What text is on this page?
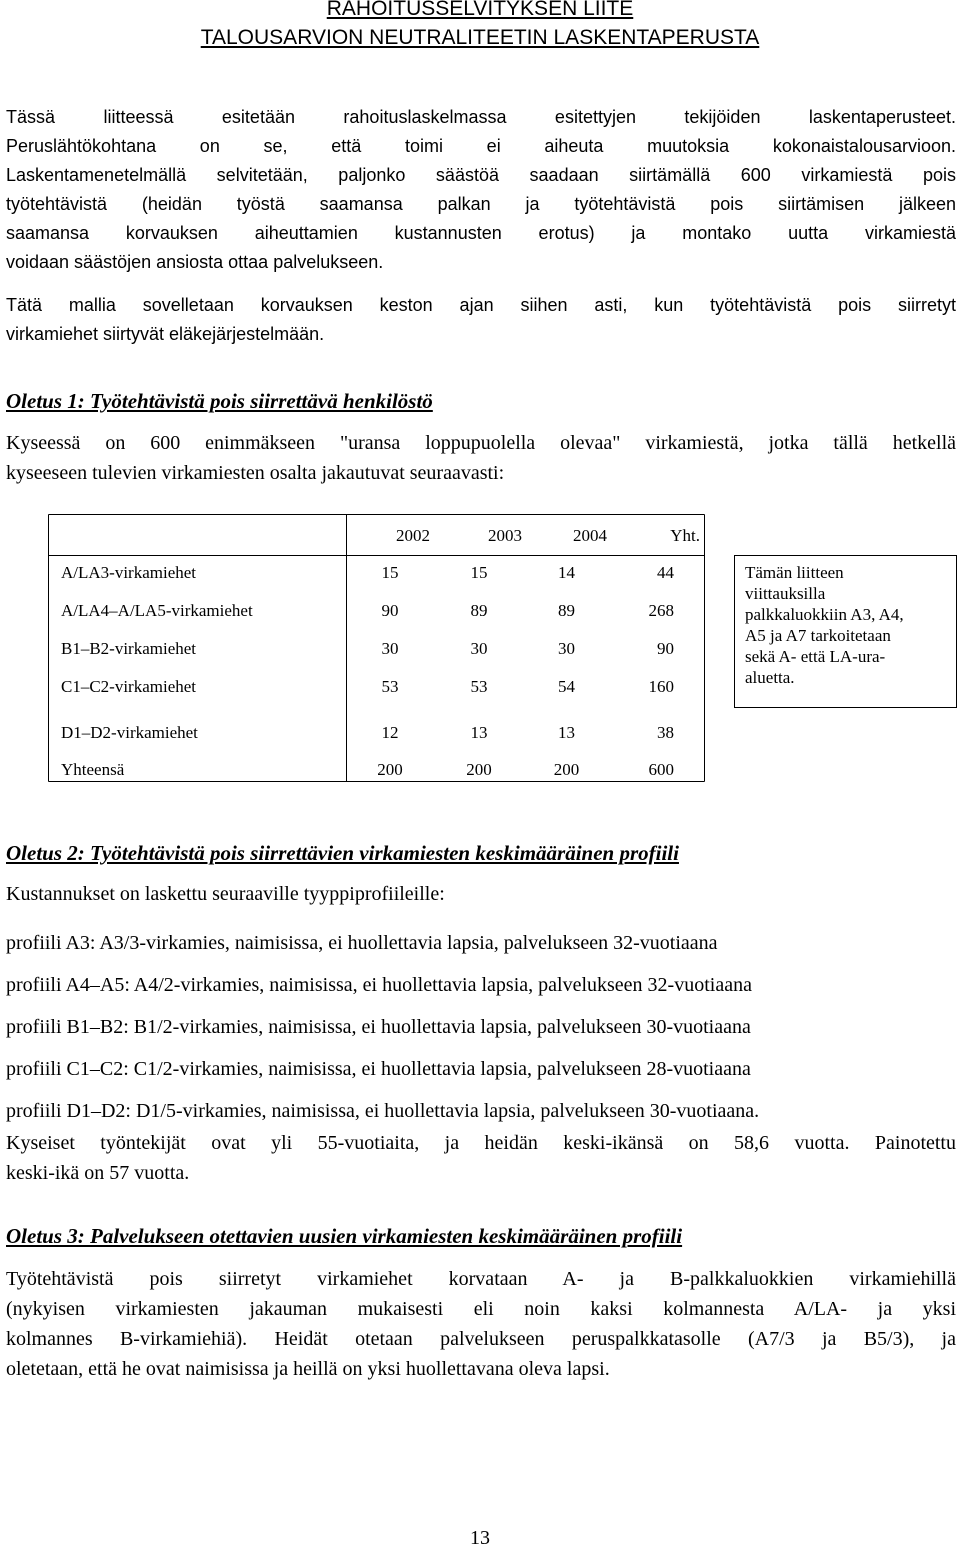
RAHOITUSSELVITYKSEN LIITE
TALOUSARVION NEUTRALITEETIN LASKENTAPERUSTA
Tässä liitteessä esitetään rahoituslaskelmassa esitettyjen tekijöiden laskentaperusteet.
Peruslähtökohtana on se, että toimi ei aiheuta muutoksia kokonaistalousarvioon.
Laskentamenetelmällä selvitetään, paljonko säästöä saadaan siirtämällä 600 virkamiestä pois
työtehtävistä (heidän työstä saamansa palkan ja työtehtävistä pois siirtämisen jälkeen
saamansa korvauksen aiheuttamien kustannusten erotus) ja montako uutta virkamiestä
voidaan säästöjen ansiosta ottaa palvelukseen.
Tätä mallia sovelletaan korvauksen keston ajan siihen asti, kun työtehtävistä pois siirretyt
virkamiehet siirtyvät eläkejärjestelmään.
Oletus 1: Työtehtävistä pois siirrettävä henkilöstö
Kyseessä on 600 enimmäkseen "uransa loppupuolella olevaa" virkamiestä, jotka tällä hetkellä
kyseeseen tulevien virkamiesten osalta jakautuvat seuraavasti:
	2002	2003	2004	Yht.
A/LA3-virkamiehet	15	15	14	44
A/LA4–A/LA5-virkamiehet	90	89	89	268
B1–B2-virkamiehet	30	30	30	90
C1–C2-virkamiehet	53	53	54	160
D1–D2-virkamiehet	12	13	13	38
Yhteensä	200	200	200	600
Tämän liitteen
viittauksilla
palkkaluokkiin A3, A4,
A5 ja A7 tarkoitetaan
sekä A- että LA-ura-
aluetta.
Oletus 2: Työtehtävistä pois siirrettävien virkamiesten keskimääräinen profiili
Kustannukset on laskettu seuraaville tyyppiprofiileille:
profiili A3: A3/3-virkamies, naimisissa, ei huollettavia lapsia, palvelukseen 32-vuotiaana
profiili A4–A5: A4/2-virkamies, naimisissa, ei huollettavia lapsia, palvelukseen 32-vuotiaana
profiili B1–B2: B1/2-virkamies, naimisissa, ei huollettavia lapsia, palvelukseen 30-vuotiaana
profiili C1–C2: C1/2-virkamies, naimisissa, ei huollettavia lapsia, palvelukseen 28-vuotiaana
profiili D1–D2: D1/5-virkamies, naimisissa, ei huollettavia lapsia, palvelukseen 30-vuotiaana.
Kyseiset työntekijät ovat yli 55-vuotiaita, ja heidän keski-ikänsä on 58,6 vuotta. Painotettu
keski-ikä on 57 vuotta.
Oletus 3: Palvelukseen otettavien uusien virkamiesten keskimääräinen profiili
Työtehtävistä pois siirretyt virkamiehet korvataan A- ja B-palkkaluokkien virkamiehillä
(nykyisen virkamiesten jakauman mukaisesti eli noin kaksi kolmannesta A/LA- ja yksi
kolmannes B-virkamiehiä). Heidät otetaan palvelukseen peruspalkkatasolle (A7/3 ja B5/3), ja
oletetaan, että he ovat naimisissa ja heillä on yksi huollettavana oleva lapsi.
13
